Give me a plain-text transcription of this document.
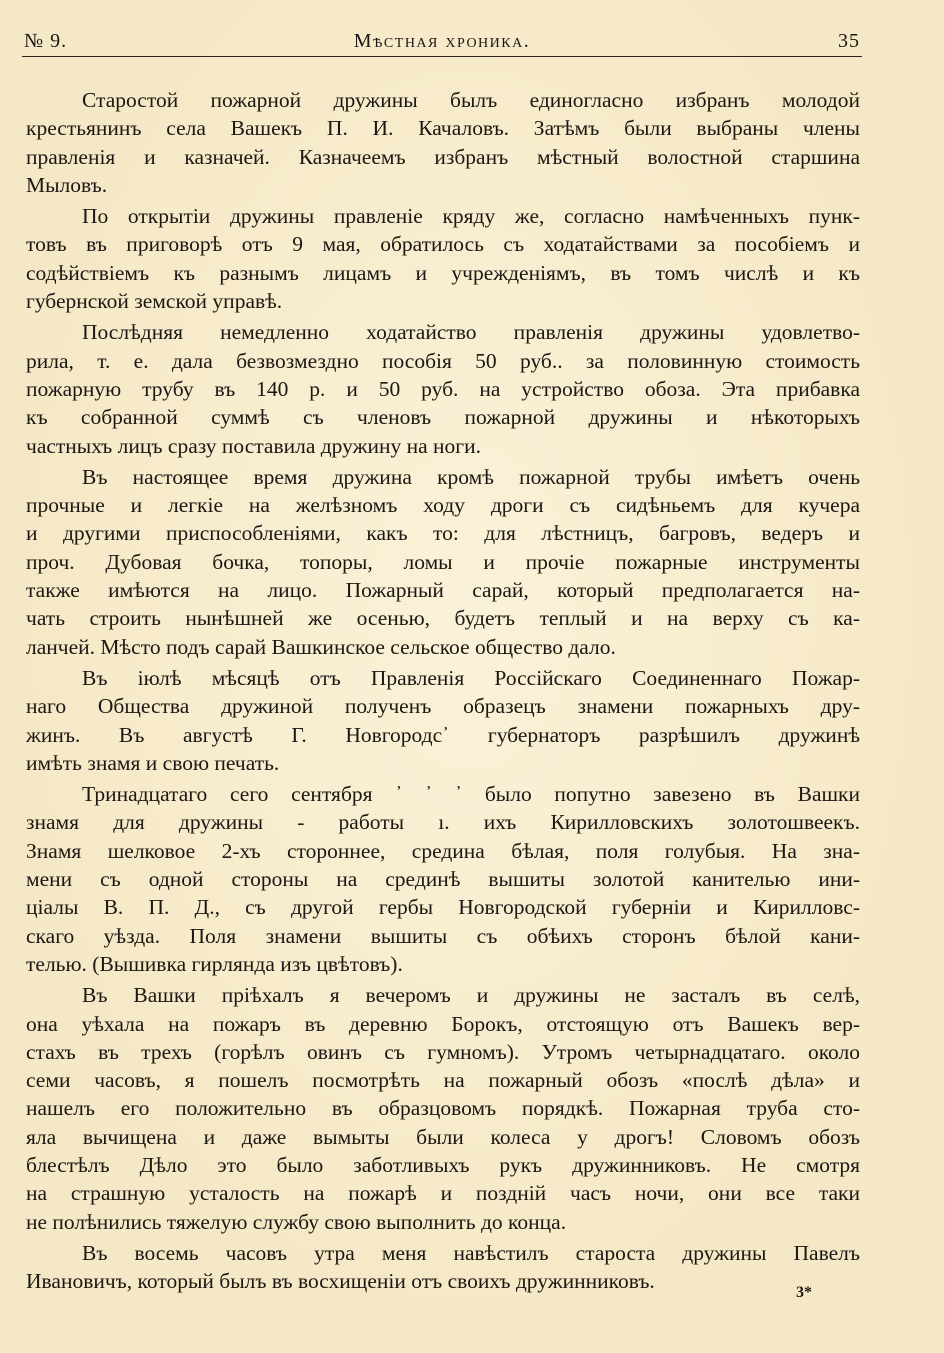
№ 9.	Мѣстная хроника.	35
Старостой пожарной дружины былъ единогласно избранъ молодой
крестьянинъ села Вашекъ П. И. Качаловъ. Затѣмъ были выбраны члены
правленія и казначей. Казначеемъ избранъ мѣстный волостной старшина
Мыловъ.
По открытіи дружины правленіе кряду же, согласно намѣченныхъ пунк-
товъ въ приговорѣ отъ 9 мая, обратилось съ ходатайствами за пособіемъ и
содѣйствіемъ къ разнымъ лицамъ и учрежденіямъ, въ томъ числѣ и къ
губернской земской управѣ.
Послѣдняя немедленно ходатайство правленія дружины удовлетво-
рила, т. е. дала безвозмездно пособія 50 руб.. за половинную стоимость
пожарную трубу въ 140 р. и 50 руб. на устройство обоза. Эта прибавка
къ собранной суммѣ съ членовъ пожарной дружины и нѣкоторыхъ
частныхъ лицъ сразу поставила дружину на ноги.
Въ настоящее время дружина кромѣ пожарной трубы имѣетъ очень
прочные и легкіе на желѣзномъ ходу дроги съ сидѣньемъ для кучера
и другими приспособленіями, какъ то: для лѣстницъ, багровъ, ведеръ и
проч. Дубовая бочка, топоры, ломы и прочіе пожарные инструменты
также имѣются на лицо. Пожарный сарай, который предполагается на-
чать строить нынѣшней же осенью, будетъ теплый и на верху съ ка-
ланчей. Мѣсто подъ сарай Вашкинское сельское общество дало.
Въ іюлѣ мѣсяцѣ отъ Правленія Россійскаго Соединеннаго Пожар-
наго Общества дружиной полученъ образецъ знамени пожарныхъ дру-
жинъ. Въ августѣ Г. Новгородс᾿ губернаторъ разрѣшилъ дружинѣ
имѣть знамя и свою печать.
Тринадцатаго сего сентября ᾿ ᾿ ᾿ было попутно завезено въ Вашки
знамя для дружины - работы ı. ихъ Кирилловскихъ золотошвеекъ.
Знамя шелковое 2-хъ стороннее, средина бѣлая, поля голубыя. На зна-
мени съ одной стороны на срединѣ вышиты золотой канителью ини-
ціалы В. П. Д., съ другой гербы Новгородской губерніи и Кирилловс-
скаго уѣзда. Поля знамени вышиты съ обѣихъ сторонъ бѣлой кани-
телью. (Вышивка гирлянда изъ цвѣтовъ).
Въ Вашки пріѣхалъ я вечеромъ и дружины не засталъ въ селѣ,
она уѣхала на пожаръ въ деревню Борокъ, отстоящую отъ Вашекъ вер-
стахъ въ трехъ (горѣлъ овинъ съ гумномъ). Утромъ четырнадцатаго. около
семи часовъ, я пошелъ посмотрѣть на пожарный обозъ «послѣ дѣла» и
нашелъ его положительно въ образцовомъ порядкѣ. Пожарная труба сто-
яла вычищена и даже вымыты были колеса у дрогъ! Словомъ обозъ
блестѣлъ Дѣло это было заботливыхъ рукъ дружинниковъ. Не смотря
на страшную усталость на пожарѣ и поздній часъ ночи, они все таки
не полѣнились тяжелую службу свою выполнить до конца.
Въ восемь часовъ утра меня навѣстилъ староста дружины Павелъ
Ивановичъ, который былъ въ восхищеніи отъ своихъ дружинниковъ.	3*
